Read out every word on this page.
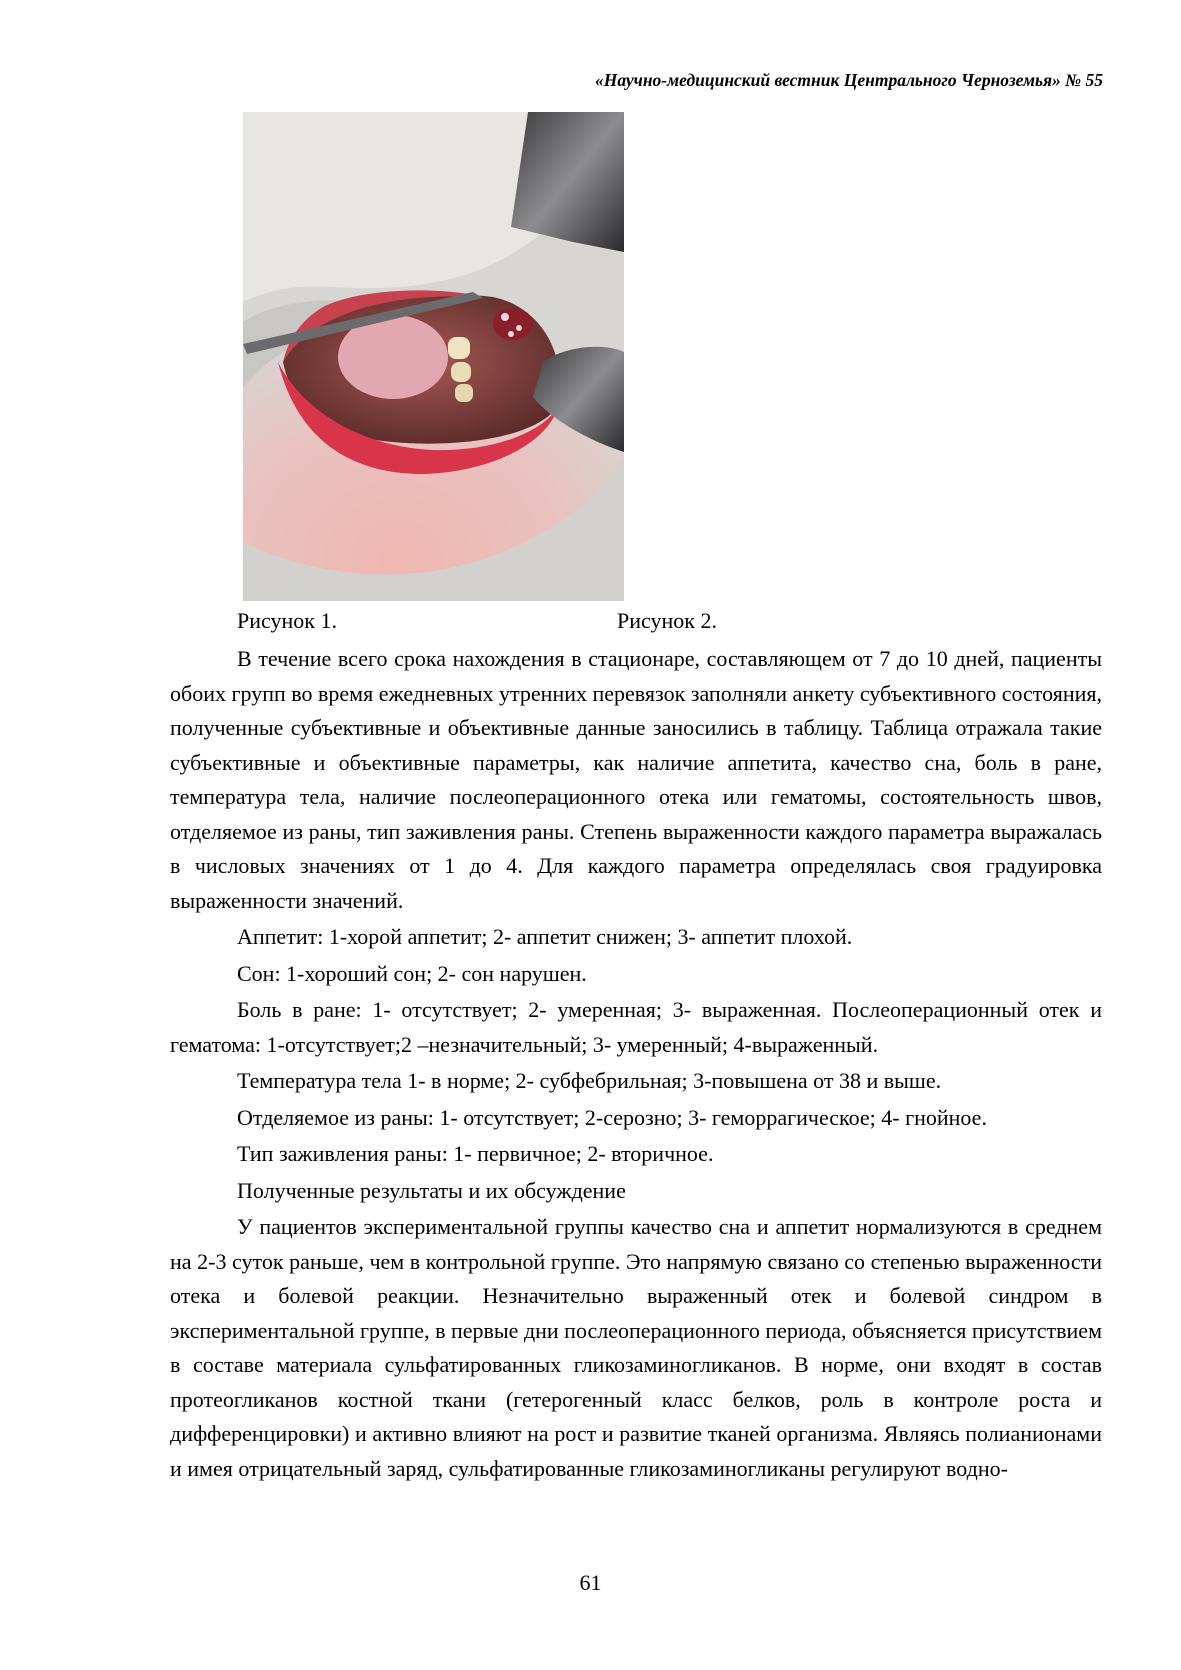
«Научно-медицинский вестник Центрального Черноземья» № 55
Рисунок 1.	Рисунок 2.

В течение всего срока нахождения в стационаре, составляющем от 7 до 10 дней, пациенты обоих групп во время ежедневных утренних перевязок заполняли анкету субъективного состояния, полученные субъективные и объективные данные заносились в таблицу. Таблица отражала такие субъективные и объективные параметры, как наличие аппетита, качество сна, боль в ране, температура тела, наличие послеоперационного отека или гематомы, состоятельность швов, отделяемое из раны, тип заживления раны. Степень выраженности каждого параметра выражалась в числовых значениях от 1 до 4. Для каждого параметра определялась своя градуировка выраженности значений.

Аппетит: 1-хорой аппетит; 2- аппетит снижен; 3- аппетит плохой.

Сон: 1-хороший сон; 2- сон нарушен.

Боль в ране: 1- отсутствует; 2- умеренная; 3- выраженная. Послеоперационный отек и гематома: 1-отсутствует;2 –незначительный; 3- умеренный; 4-выраженный.

Температура тела 1- в норме; 2- субфебрильная; 3-повышена от 38 и выше.

Отделяемое из раны: 1- отсутствует; 2-серозно; 3- геморрагическое; 4- гнойное.

Тип заживления раны: 1- первичное; 2- вторичное.

Полученные результаты и их обсуждение

У пациентов экспериментальной группы качество сна и аппетит нормализуются в среднем на 2-3 суток раньше, чем в контрольной группе. Это напрямую связано со степенью выраженности отека и болевой реакции. Незначительно выраженный отек и болевой синдром в экспериментальной группе, в первые дни послеоперационного периода, объясняется присутствием в составе материала сульфатированных гликозаминогликанов. В норме, они входят в состав протеогликанов костной ткани (гетерогенный класс белков, роль в контроле роста и дифференцировки) и активно влияют на рост и развитие тканей организма. Являясь полианионами и имея отрицательный заряд, сульфатированные гликозаминогликаны регулируют водно-

61
